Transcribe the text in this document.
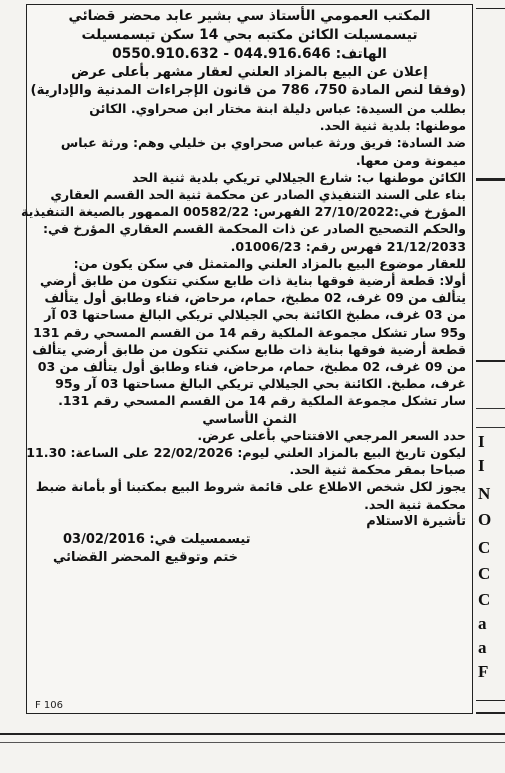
المكتب العمومي الأستاذ سي بشير عابد محضر قضائي
تيسمسيلت الكائن مكتبه بحي 14 سكن تيسمسيلت
الهاتف: 044.916.646 - 0550.910.632
إعلان عن البيع بالمزاد العلني لعقار مشهر بأعلى عرض
(وفقا لنص المادة 750، 786 من قانون الإجراءات المدنية والإدارية)
بطلب من السيدة: عباس دليلة ابنة مختار ابن صحراوي. الكائن
موطنها: بلدية ثنية الحد.
ضد السادة: فريق ورثة عباس صحراوي بن خليلي وهم: ورثة عباس
ميمونة ومن معها.
الكائن موطنها ب: شارع الجيلالي تريكي بلدية ثنية الحد
بناء على السند التنفيذي الصادر عن محكمة ثنية الحد القسم العقاري
المؤرخ في:27/10/2022 الفهرس: 00582/22 الممهور بالصيغة التنفيذية
والحكم التصحيح الصادر عن ذات المحكمة القسم العقاري المؤرخ في:
21/12/2033 فهرس رقم: 01006/23.
للعقار موضوع البيع بالمزاد العلني والمتمثل في سكن يكون من:
أولا: قطعة أرضية فوقها بناية ذات طابع سكني تتكون من طابق أرضي
يتألف من 09 غرف، 02 مطبخ، حمام، مرحاض، فناء وطابق أول يتألف
من 03 غرف، مطبخ الكائنة بحي الجيلالي تريكي البالغ مساحتها 03 آر
و95 سار تشكل مجموعة الملكية رقم 14 من القسم المسحي رقم 131
قطعة أرضية فوقها بناية ذات طابع سكني تتكون من طابق أرضي يتألف
من 09 غرف، 02 مطبخ، حمام، مرحاض، فناء وطابق أول يتألف من 03
غرف، مطبخ. الكائنة بحي الجيلالي تريكي البالغ مساحتها 03 آر و95
سار تشكل مجموعة الملكية رقم 14 من القسم المسحي رقم 131.
الثمن الأساسي
حدد السعر المرجعي الافتتاحي بأعلى عرض.
ليكون تاريخ البيع بالمزاد العلني ليوم: 22/02/2026 على الساعة: 11.30
صباحا بمقر محكمة ثنية الحد.
يجوز لكل شخص الاطلاع على قائمة شروط البيع بمكتبنا أو بأمانة ضبط
محكمة ثنية الحد.
تأشيرة الاستلام
تيسمسيلت في: 03/02/2016
ختم وتوقيع المحضر القضائي
F 106
I
I
N
O
C
C
C
a
a
F
